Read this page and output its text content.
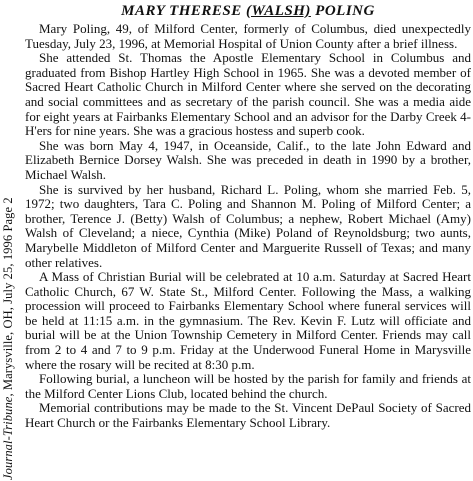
Journal-Tribune, Marysville, OH, July 25, 1996 Page 2
MARY THERESE (WALSH) POLING

Mary Poling, 49, of Milford Center, formerly of Columbus, died unexpectedly Tuesday, July 23, 1996, at Memorial Hospital of Union County after a brief illness.

She attended St. Thomas the Apostle Elementary School in Columbus and graduated from Bishop Hartley High School in 1965. She was a devoted member of Sacred Heart Catholic Church in Milford Center where she served on the decorating and social committees and as secretary of the parish council. She was a media aide for eight years at Fairbanks Elementary School and an advisor for the Darby Creek 4-H'ers for nine years. She was a gracious hostess and superb cook.

She was born May 4, 1947, in Oceanside, Calif., to the late John Edward and Elizabeth Bernice Dorsey Walsh. She was preceded in death in 1990 by a brother, Michael Walsh.

She is survived by her husband, Richard L. Poling, whom she married Feb. 5, 1972; two daughters, Tara C. Poling and Shannon M. Poling of Milford Center; a brother, Terence J. (Betty) Walsh of Columbus; a nephew, Robert Michael (Amy) Walsh of Cleveland; a niece, Cynthia (Mike) Poland of Reynoldsburg; two aunts, Marybelle Middleton of Milford Center and Marguerite Russell of Texas; and many other relatives.

A Mass of Christian Burial will be celebrated at 10 a.m. Saturday at Sacred Heart Catholic Church, 67 W. State St., Milford Center. Following the Mass, a walking procession will proceed to Fairbanks Elementary School where funeral services will be held at 11:15 a.m. in the gymnasium. The Rev. Kevin F. Lutz will officiate and burial will be at the Union Township Cemetery in Milford Center. Friends may call from 2 to 4 and 7 to 9 p.m. Friday at the Underwood Funeral Home in Marysville where the rosary will be recited at 8:30 p.m.

Following burial, a luncheon will be hosted by the parish for family and friends at the Milford Center Lions Club, located behind the church.

Memorial contributions may be made to the St. Vincent DePaul Society of Sacred Heart Church or the Fairbanks Elementary School Library.
